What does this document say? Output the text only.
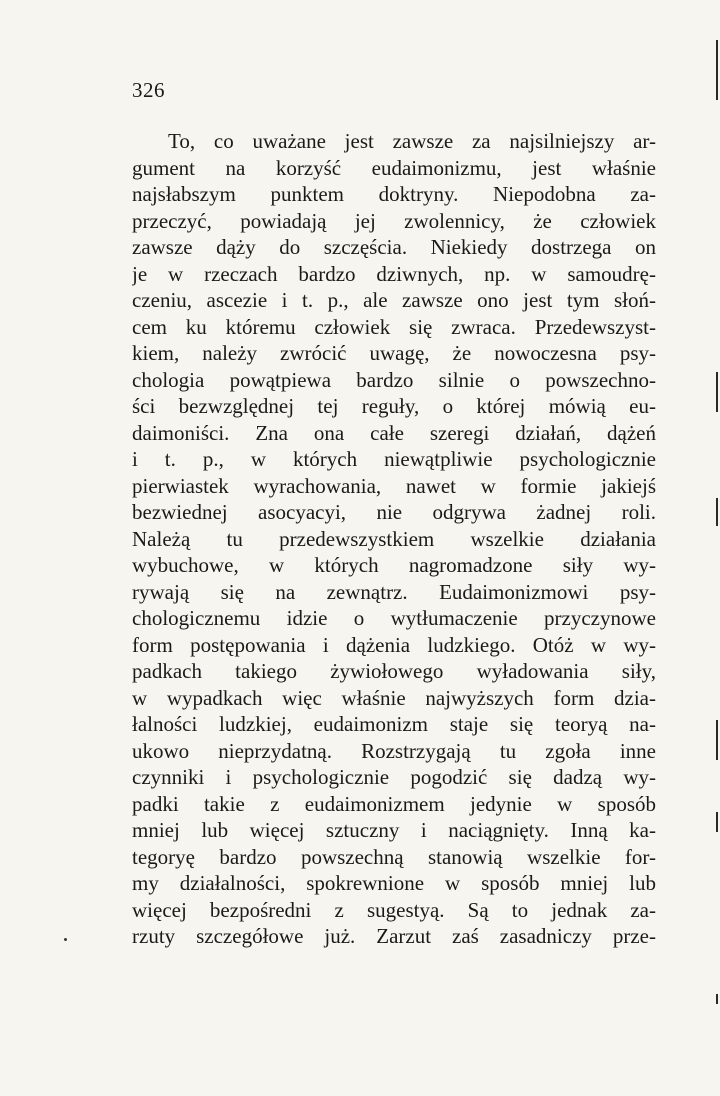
326
To, co uważane jest zawsze za najsilniejszy ar-
gument na korzyść eudaimonizmu, jest właśnie
najsłabszym punktem doktryny. Niepodobna za-
przeczyć, powiadają jej zwolennicy, że człowiek
zawsze dąży do szczęścia. Niekiedy dostrzega on
je w rzeczach bardzo dziwnych, np. w samoudrę-
czeniu, ascezie i t. p., ale zawsze ono jest tym słoń-
cem ku któremu człowiek się zwraca. Przedewszyst-
kiem, należy zwrócić uwagę, że nowoczesna psy-
chologia powątpiewa bardzo silnie o powszechno-
ści bezwzględnej tej reguły, o której mówią eu-
daimoniści. Zna ona całe szeregi działań, dążeń
i t. p., w których niewątpliwie psychologicznie
pierwiastek wyrachowania, nawet w formie jakiejś
bezwiednej asocyacyi, nie odgrywa żadnej roli.
Należą tu przedewszystkiem wszelkie działania
wybuchowe, w których nagromadzone siły wy-
rywają się na zewnątrz. Eudaimonizmowi psy-
chologicznemu idzie o wytłumaczenie przyczynowe
form postępowania i dążenia ludzkiego. Otóż w wy-
padkach takiego żywiołowego wyładowania siły,
w wypadkach więc właśnie najwyższych form dzia-
łalności ludzkiej, eudaimonizm staje się teoryą na-
ukowo nieprzydatną. Rozstrzygają tu zgoła inne
czynniki i psychologicznie pogodzić się dadzą wy-
padki takie z eudaimonizmem jedynie w sposób
mniej lub więcej sztuczny i naciągnięty. Inną ka-
tegoryę bardzo powszechną stanowią wszelkie for-
my działalności, spokrewnione w sposób mniej lub
więcej bezpośredni z sugestyą. Są to jednak za-
rzuty szczegółowe już. Zarzut zaś zasadniczy prze-
